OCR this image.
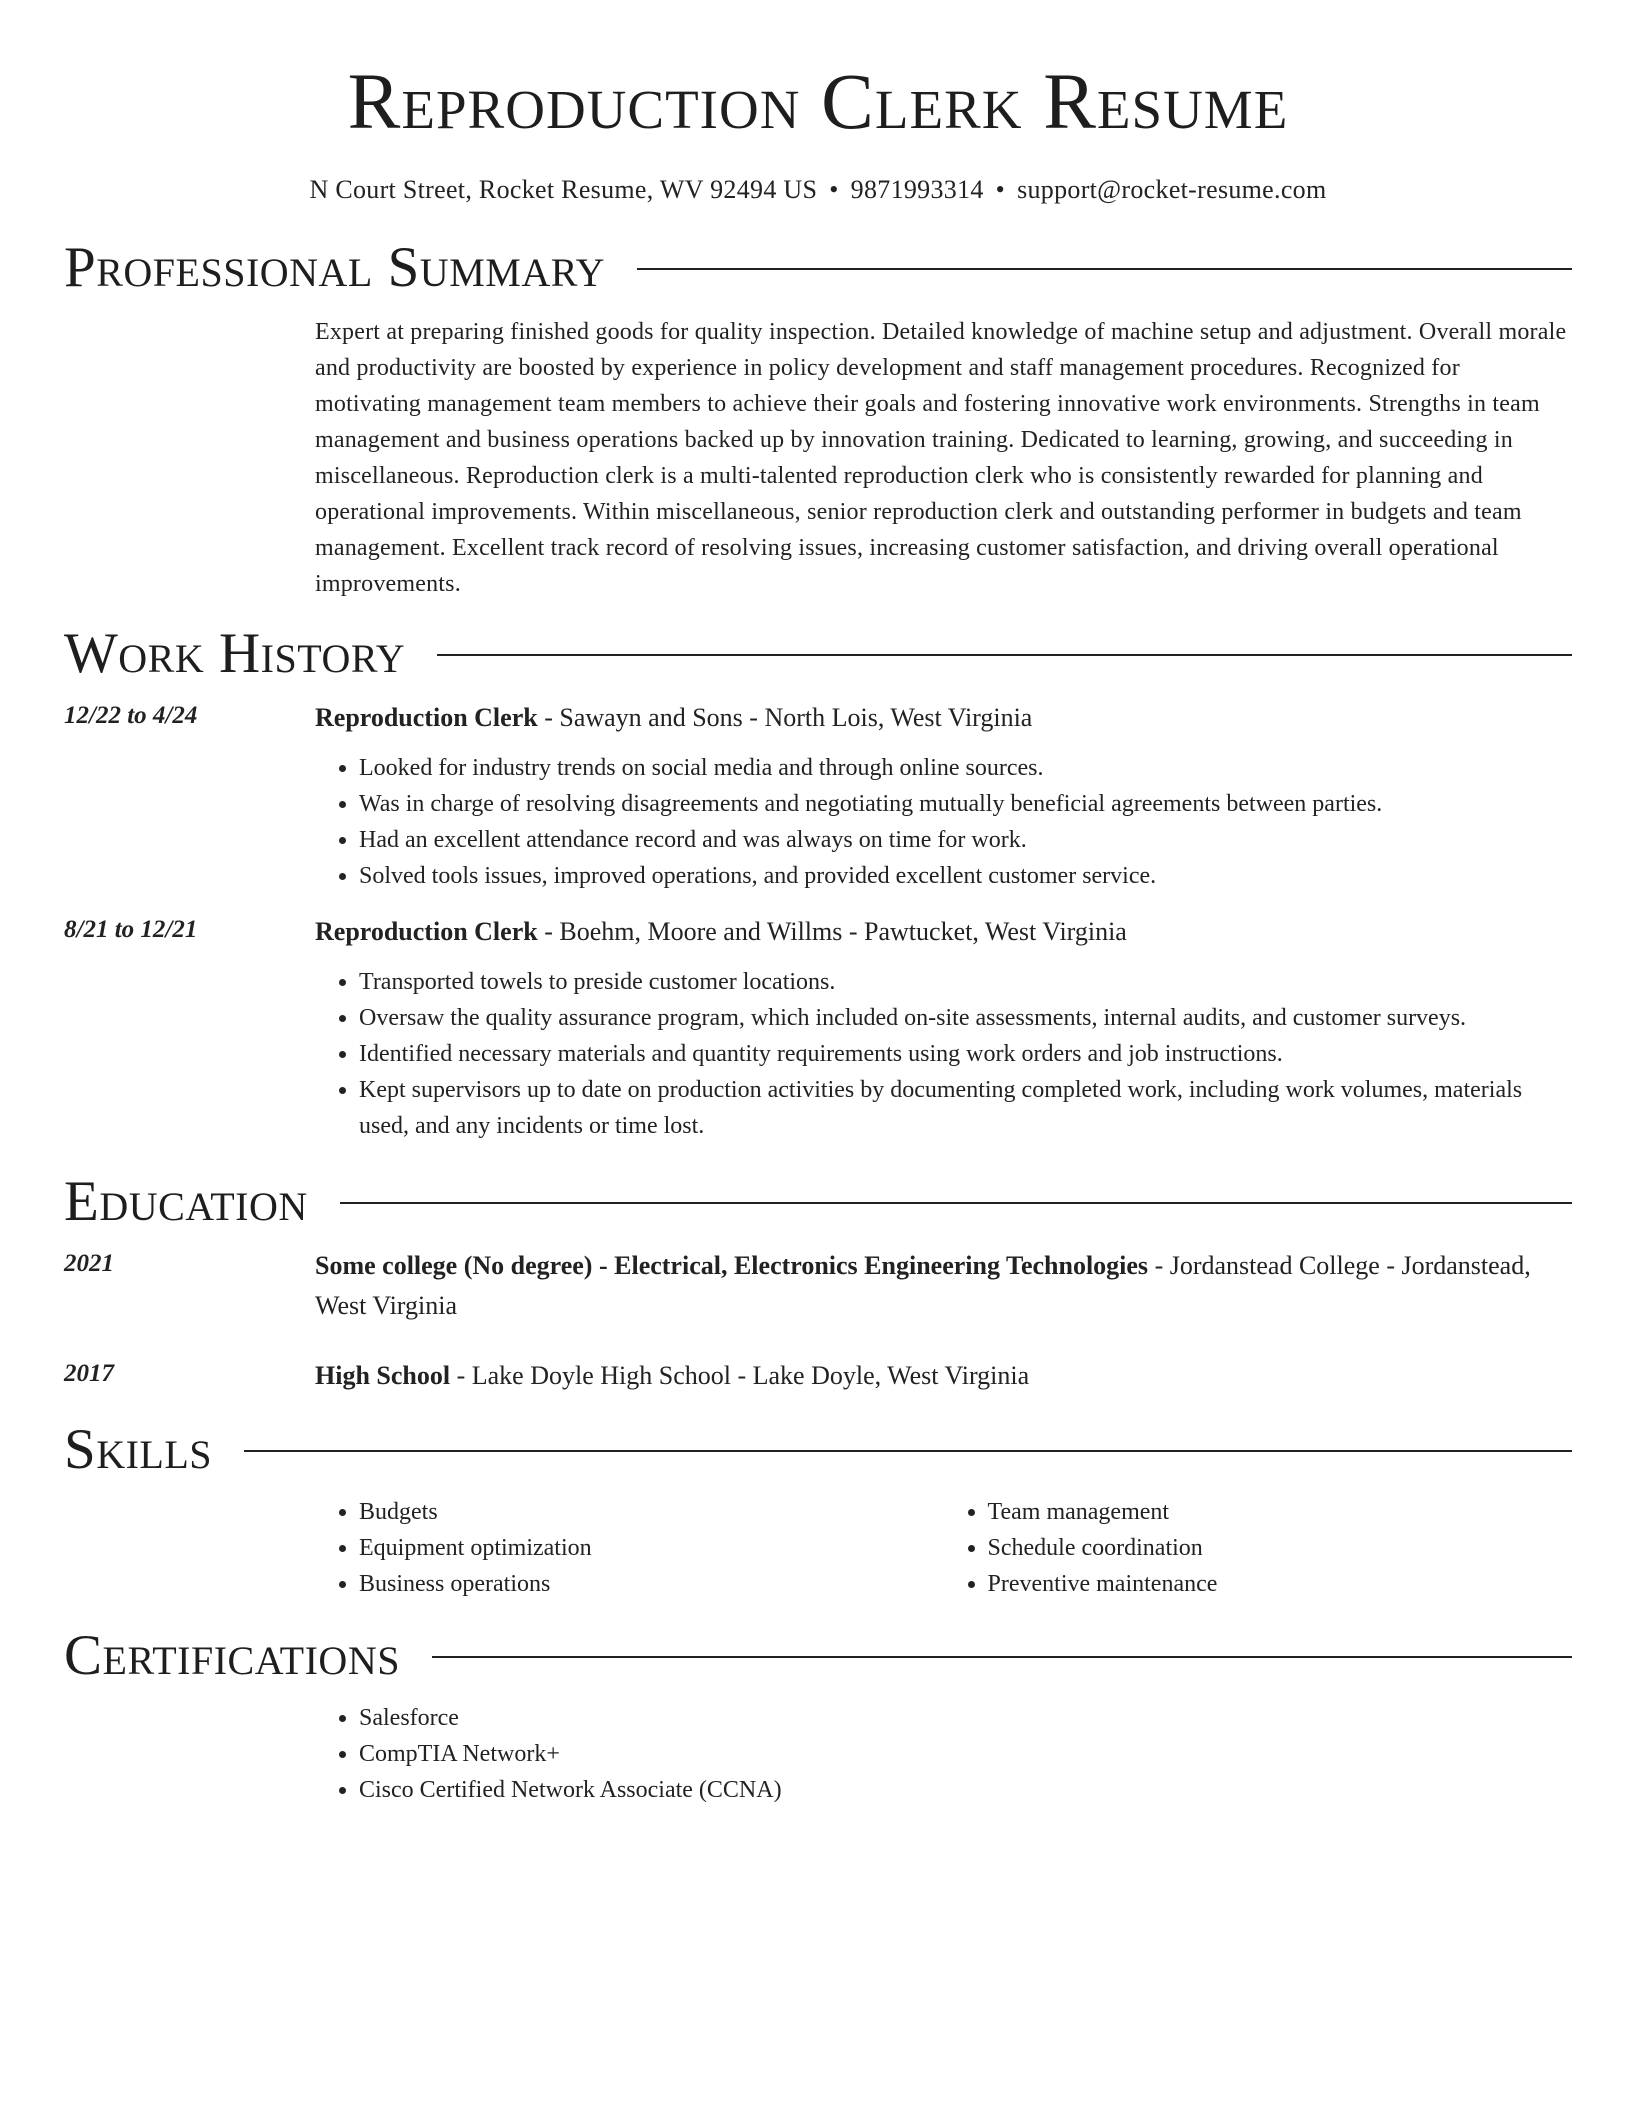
Reproduction Clerk Resume
N Court Street, Rocket Resume, WV 92494 US • 9871993314 • support@rocket-resume.com
Professional Summary
Expert at preparing finished goods for quality inspection. Detailed knowledge of machine setup and adjustment. Overall morale and productivity are boosted by experience in policy development and staff management procedures. Recognized for motivating management team members to achieve their goals and fostering innovative work environments. Strengths in team management and business operations backed up by innovation training. Dedicated to learning, growing, and succeeding in miscellaneous. Reproduction clerk is a multi-talented reproduction clerk who is consistently rewarded for planning and operational improvements. Within miscellaneous, senior reproduction clerk and outstanding performer in budgets and team management. Excellent track record of resolving issues, increasing customer satisfaction, and driving overall operational improvements.
Work History
12/22 to 4/24	Reproduction Clerk - Sawayn and Sons - North Lois, West Virginia
• Looked for industry trends on social media and through online sources.
• Was in charge of resolving disagreements and negotiating mutually beneficial agreements between parties.
• Had an excellent attendance record and was always on time for work.
• Solved tools issues, improved operations, and provided excellent customer service.
8/21 to 12/21	Reproduction Clerk - Boehm, Moore and Willms - Pawtucket, West Virginia
• Transported towels to preside customer locations.
• Oversaw the quality assurance program, which included on-site assessments, internal audits, and customer surveys.
• Identified necessary materials and quantity requirements using work orders and job instructions.
• Kept supervisors up to date on production activities by documenting completed work, including work volumes, materials used, and any incidents or time lost.
Education
2021	Some college (No degree) - Electrical, Electronics Engineering Technologies - Jordanstead College - Jordanstead, West Virginia
2017	High School - Lake Doyle High School - Lake Doyle, West Virginia
Skills
• Budgets
• Equipment optimization
• Business operations
• Team management
• Schedule coordination
• Preventive maintenance
Certifications
• Salesforce
• CompTIA Network+
• Cisco Certified Network Associate (CCNA)
